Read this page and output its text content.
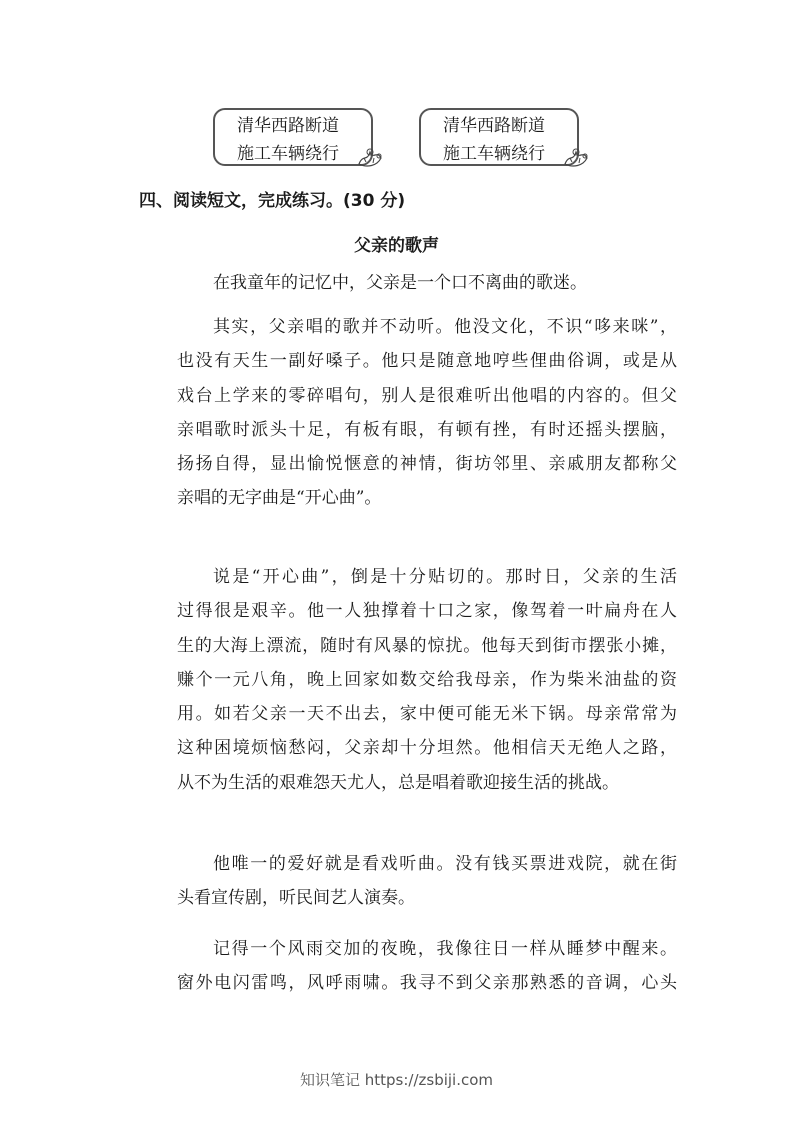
清华西路断道
施工车辆绕行
清华西路断道
施工车辆绕行
四、阅读短文，完成练习。(30 分)
父亲的歌声
在我童年的记忆中，父亲是一个口不离曲的歌迷。
其实，父亲唱的歌并不动听。他没文化，不识“哆来咪”，
也没有天生一副好嗓子。他只是随意地哼些俚曲俗调，或是从
戏台上学来的零碎唱句，别人是很难听出他唱的内容的。但父
亲唱歌时派头十足，有板有眼，有顿有挫，有时还摇头摆脑，
扬扬自得，显出愉悦惬意的神情，街坊邻里、亲戚朋友都称父
亲唱的无字曲是“开心曲”。
说是“开心曲”，倒是十分贴切的。那时日，父亲的生活
过得很是艰辛。他一人独撑着十口之家，像驾着一叶扁舟在人
生的大海上漂流，随时有风暴的惊扰。他每天到街市摆张小摊，
赚个一元八角，晚上回家如数交给我母亲，作为柴米油盐的资
用。如若父亲一天不出去，家中便可能无米下锅。母亲常常为
这种困境烦恼愁闷，父亲却十分坦然。他相信天无绝人之路，
从不为生活的艰难怨天尤人，总是唱着歌迎接生活的挑战。
他唯一的爱好就是看戏听曲。没有钱买票进戏院，就在街
头看宣传剧，听民间艺人演奏。
记得一个风雨交加的夜晚，我像往日一样从睡梦中醒来。
窗外电闪雷鸣，风呼雨啸。我寻不到父亲那熟悉的音调，心头
知识笔记 https://zsbiji.com
